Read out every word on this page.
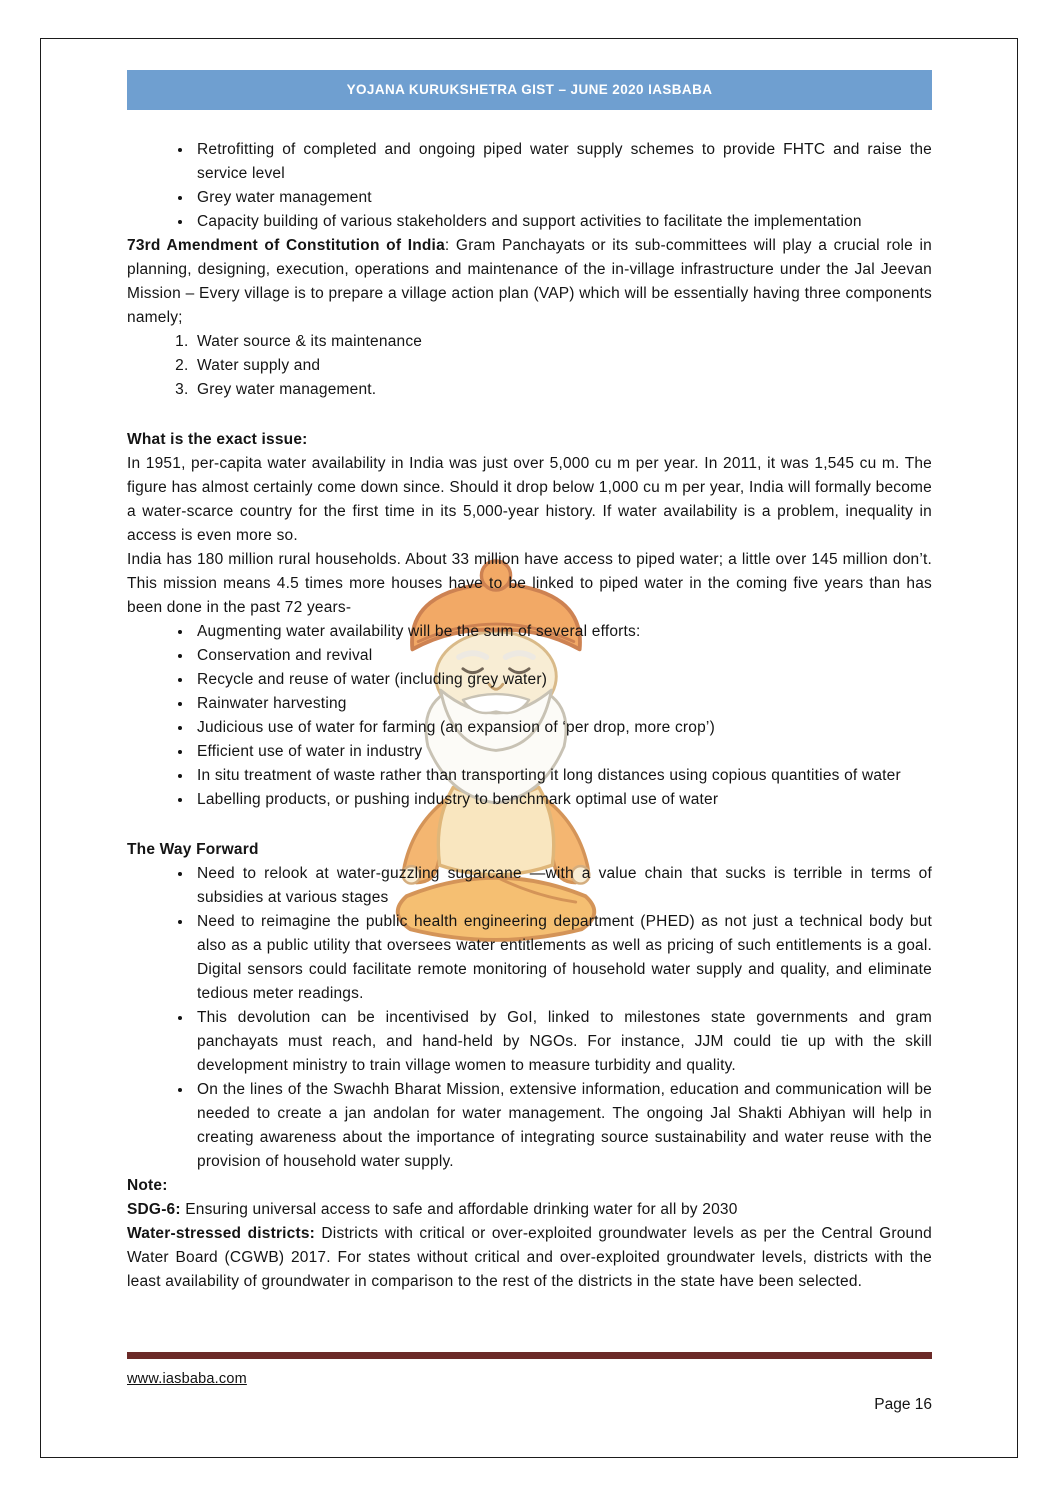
YOJANA KURUKSHETRA GIST – JUNE 2020 IASBABA
• Retrofitting of completed and ongoing piped water supply schemes to provide FHTC and raise the service level
• Grey water management
• Capacity building of various stakeholders and support activities to facilitate the implementation

73rd Amendment of Constitution of India: Gram Panchayats or its sub-committees will play a crucial role in planning, designing, execution, operations and maintenance of the in-village infrastructure under the Jal Jeevan Mission – Every village is to prepare a village action plan (VAP) which will be essentially having three components namely;

1. Water source & its maintenance
2. Water supply and
3. Grey water management.

What is the exact issue:

In 1951, per-capita water availability in India was just over 5,000 cu m per year. In 2011, it was 1,545 cu m. The figure has almost certainly come down since. Should it drop below 1,000 cu m per year, India will formally become a water-scarce country for the first time in its 5,000-year history. If water availability is a problem, inequality in access is even more so.

India has 180 million rural households. About 33 million have access to piped water; a little over 145 million don’t. This mission means 4.5 times more houses have to be linked to piped water in the coming five years than has been done in the past 72 years-

• Augmenting water availability will be the sum of several efforts:
• Conservation and revival
• Recycle and reuse of water (including grey water)
• Rainwater harvesting
• Judicious use of water for farming (an expansion of ‘per drop, more crop’)
• Efficient use of water in industry
• In situ treatment of waste rather than transporting it long distances using copious quantities of water
• Labelling products, or pushing industry to benchmark optimal use of water

The Way Forward

• Need to relook at water-guzzling sugarcane —with a value chain that sucks is terrible in terms of subsidies at various stages
• Need to reimagine the public health engineering department (PHED) as not just a technical body but also as a public utility that oversees water entitlements as well as pricing of such entitlements is a goal. Digital sensors could facilitate remote monitoring of household water supply and quality, and eliminate tedious meter readings.
• This devolution can be incentivised by GoI, linked to milestones state governments and gram panchayats must reach, and hand-held by NGOs. For instance, JJM could tie up with the skill development ministry to train village women to measure turbidity and quality.
• On the lines of the Swachh Bharat Mission, extensive information, education and communication will be needed to create a jan andolan for water management. The ongoing Jal Shakti Abhiyan will help in creating awareness about the importance of integrating source sustainability and water reuse with the provision of household water supply.

Note:

SDG-6: Ensuring universal access to safe and affordable drinking water for all by 2030

Water-stressed districts: Districts with critical or over-exploited groundwater levels as per the Central Ground Water Board (CGWB) 2017. For states without critical and over-exploited groundwater levels, districts with the least availability of groundwater in comparison to the rest of the districts in the state have been selected.

www.iasbaba.com
Page 16
